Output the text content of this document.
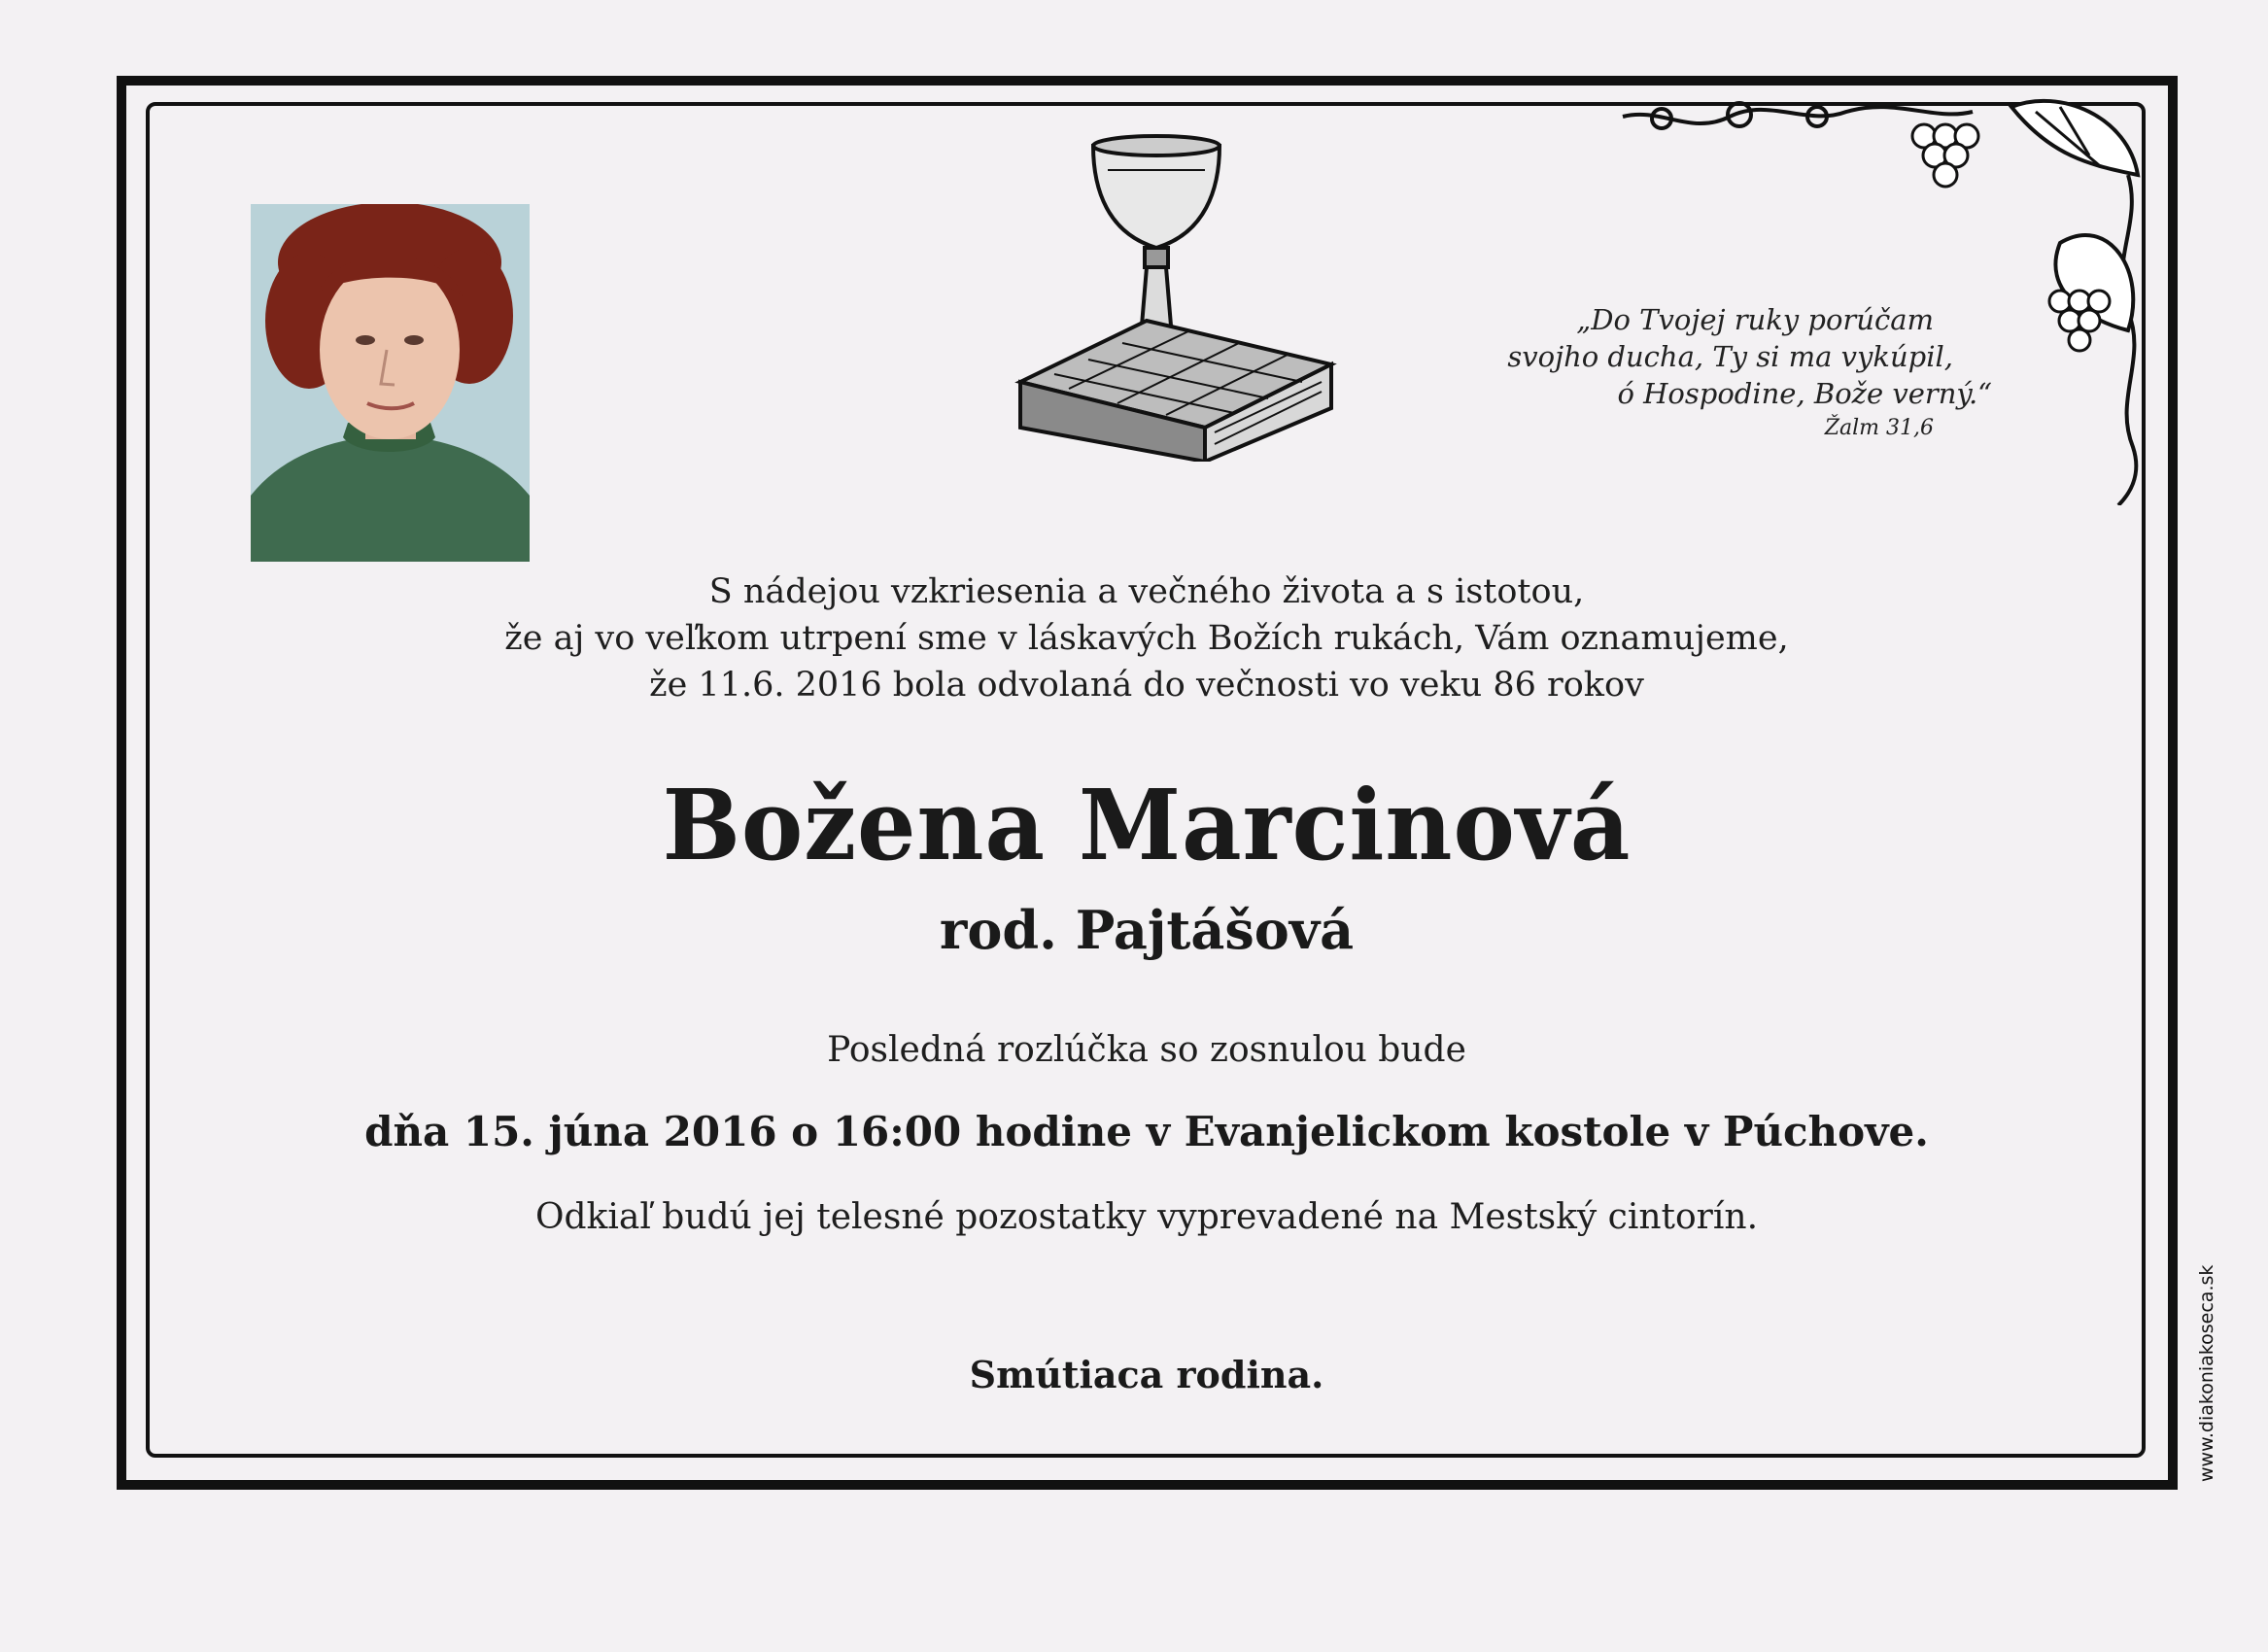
„Do Tvojej ruky porúčam
svojho ducha, Ty si ma vykúpil,
ó Hospodine, Bože verný.“
Žalm 31,6
S nádejou vzkriesenia a večného života a s istotou,
že aj vo veľkom utrpení sme v láskavých Božích rukách, Vám oznamujeme,
že 11.6. 2016 bola odvolaná do večnosti vo veku 86 rokov
Božena Marcinová
rod. Pajtášová
Posledná rozlúčka so zosnulou bude
dňa 15. júna 2016 o 16:00 hodine v Evanjelickom kostole v Púchove.
Odkiaľ budú jej telesné pozostatky vyprevadené na Mestský cintorín.
Smútiaca rodina.	www.diakoniakoseca.sk
